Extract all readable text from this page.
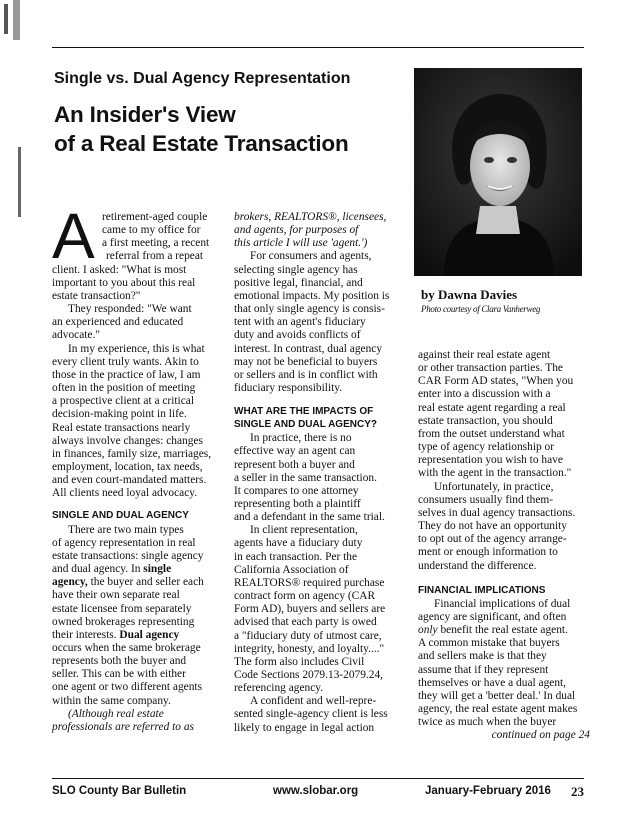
Single vs. Dual Agency Representation
An Insider's View
of a Real Estate Transaction
by Dawna Davies
Photo courtesy of Clara Vanherweg
A retirement-aged couple
came to my office for
a first meeting, a recent
referral from a repeat
client. I asked: "What is most
important to you about this real
estate transaction?"
They responded: "We want
an experienced and educated
advocate."
In my experience, this is what
every client truly wants. Akin to
those in the practice of law, I am
often in the position of meeting
a prospective client at a critical
decision-making point in life.
Real estate transactions nearly
always involve changes: changes
in finances, family size, marriages,
employment, location, tax needs,
and even court-mandated matters.
All clients need loyal advocacy.
SINGLE AND DUAL AGENCY
There are two main types
of agency representation in real
estate transactions: single agency
and dual agency. In single
agency, the buyer and seller each
have their own separate real
estate licensee from separately
owned brokerages representing
their interests. Dual agency
occurs when the same brokerage
represents both the buyer and
seller. This can be with either
one agent or two different agents
within the same company.
(Although real estate
professionals are referred to as
brokers, REALTORS®, licensees,
and agents, for purposes of
this article I will use 'agent.')
For consumers and agents,
selecting single agency has
positive legal, financial, and
emotional impacts. My position is
that only single agency is consis-
tent with an agent's fiduciary
duty and avoids conflicts of
interest. In contrast, dual agency
may not be beneficial to buyers
or sellers and is in conflict with
fiduciary responsibility.
WHAT ARE THE IMPACTS OF
SINGLE AND DUAL AGENCY?
In practice, there is no
effective way an agent can
represent both a buyer and
a seller in the same transaction.
It compares to one attorney
representing both a plaintiff
and a defendant in the same trial.
In client representation,
agents have a fiduciary duty
in each transaction. Per the
California Association of
REALTORS® required purchase
contract form on agency (CAR
Form AD), buyers and sellers are
advised that each party is owed
a "fiduciary duty of utmost care,
integrity, honesty, and loyalty...."
The form also includes Civil
Code Sections 2079.13-2079.24,
referencing agency.
A confident and well-repre-
sented single-agency client is less
likely to engage in legal action
against their real estate agent
or other transaction parties. The
CAR Form AD states, "When you
enter into a discussion with a
real estate agent regarding a real
estate transaction, you should
from the outset understand what
type of agency relationship or
representation you wish to have
with the agent in the transaction."
Unfortunately, in practice,
consumers usually find them-
selves in dual agency transactions.
They do not have an opportunity
to opt out of the agency arrange-
ment or enough information to
understand the difference.
FINANCIAL IMPLICATIONS
Financial implications of dual
agency are significant, and often
only benefit the real estate agent.
A common mistake that buyers
and sellers make is that they
assume that if they represent
themselves or have a dual agent,
they will get a 'better deal.' In dual
agency, the real estate agent makes
twice as much when the buyer
continued on page 24
SLO County Bar Bulletin	www.slobar.org	January-February 2016 23
